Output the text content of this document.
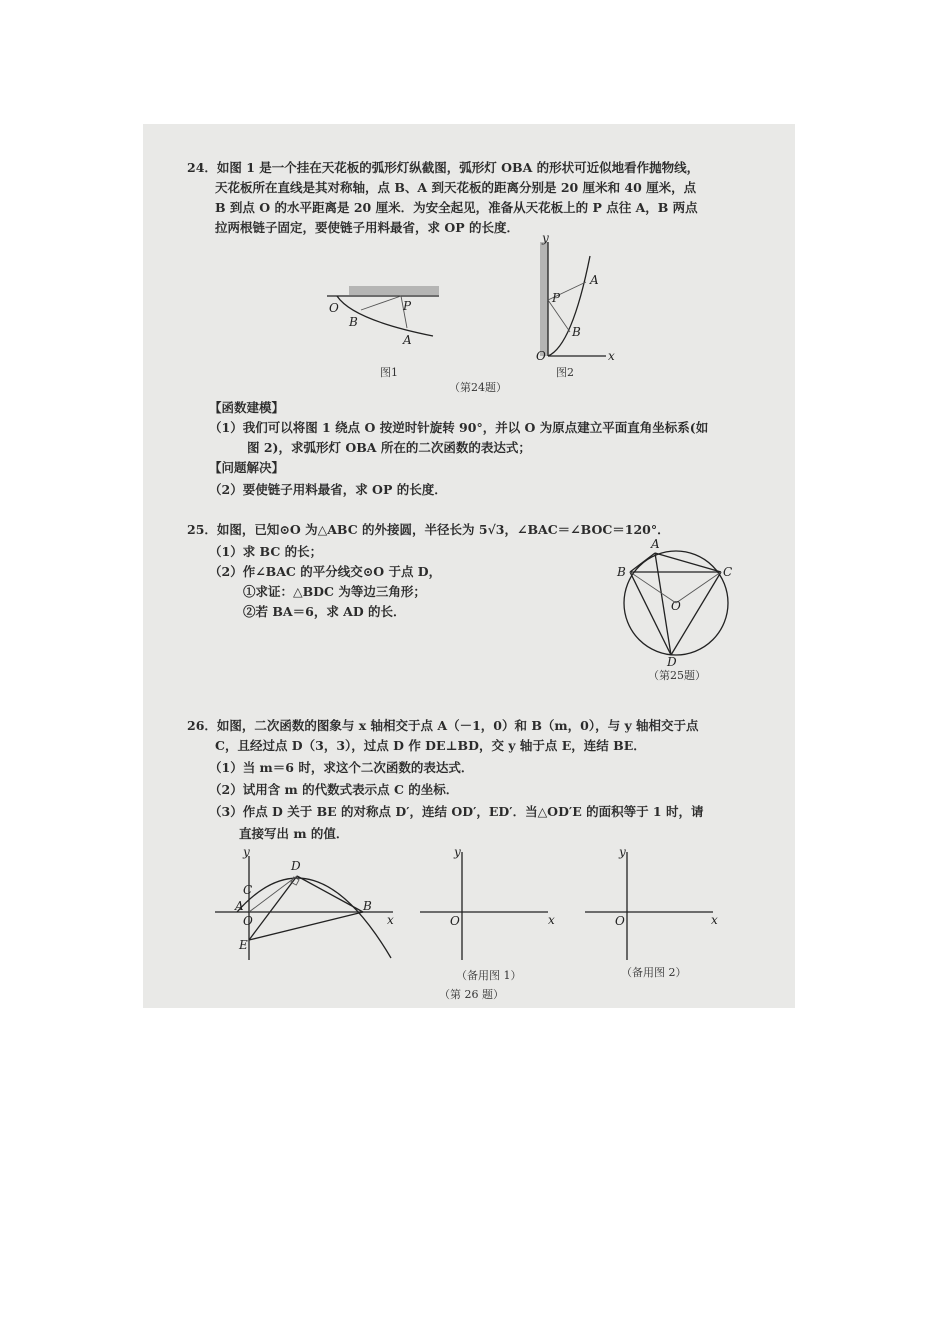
24．如图 1 是一个挂在天花板的弧形灯纵截图，弧形灯 OBA 的形状可近似地看作抛物线，
天花板所在直线是其对称轴，点 B、A 到天花板的距离分别是 20 厘米和 40 厘米，点
B 到点 O 的水平距离是 20 厘米．为安全起见，准备从天花板上的 P 点往 A，B 两点
拉两根链子固定，要使链子用料最省，求 OP 的长度．
O	P
B
A
图1
y
O	x
P
A
B
图2
（第24题）
【函数建模】
（1）我们可以将图 1 绕点 O 按逆时针旋转 90°，并以 O 为原点建立平面直角坐标系(如
图 2)，求弧形灯 OBA 所在的二次函数的表达式；
【问题解决】
（2）要使链子用料最省，求 OP 的长度．
25．如图，已知⊙O 为△ABC 的外接圆，半径长为 5√3，∠BAC＝∠BOC＝120°．
（1）求 BC 的长；
（2）作∠BAC 的平分线交⊙O 于点 D，
①求证：△BDC 为等边三角形；
②若 BA＝6，求 AD 的长．
A
B	C
O
D
（第25题）
26．如图，二次函数的图象与 x 轴相交于点 A（－1，0）和 B（m，0），与 y 轴相交于点
C，且经过点 D（3，3），过点 D 作 DE⊥BD，交 y 轴于点 E，连结 BE．
（1）当 m＝6 时，求这个二次函数的表达式．
（2）试用含 m 的代数式表示点 C 的坐标．
（3）作点 D 关于 BE 的对称点 D′，连结 OD′，ED′．当△OD′E 的面积等于 1 时，请
直接写出 m 的值．
y
x
O
A	B
C
D
E
y
x
O
（备用图 1）
y
x
O
（备用图 2）
（第 26 题）
